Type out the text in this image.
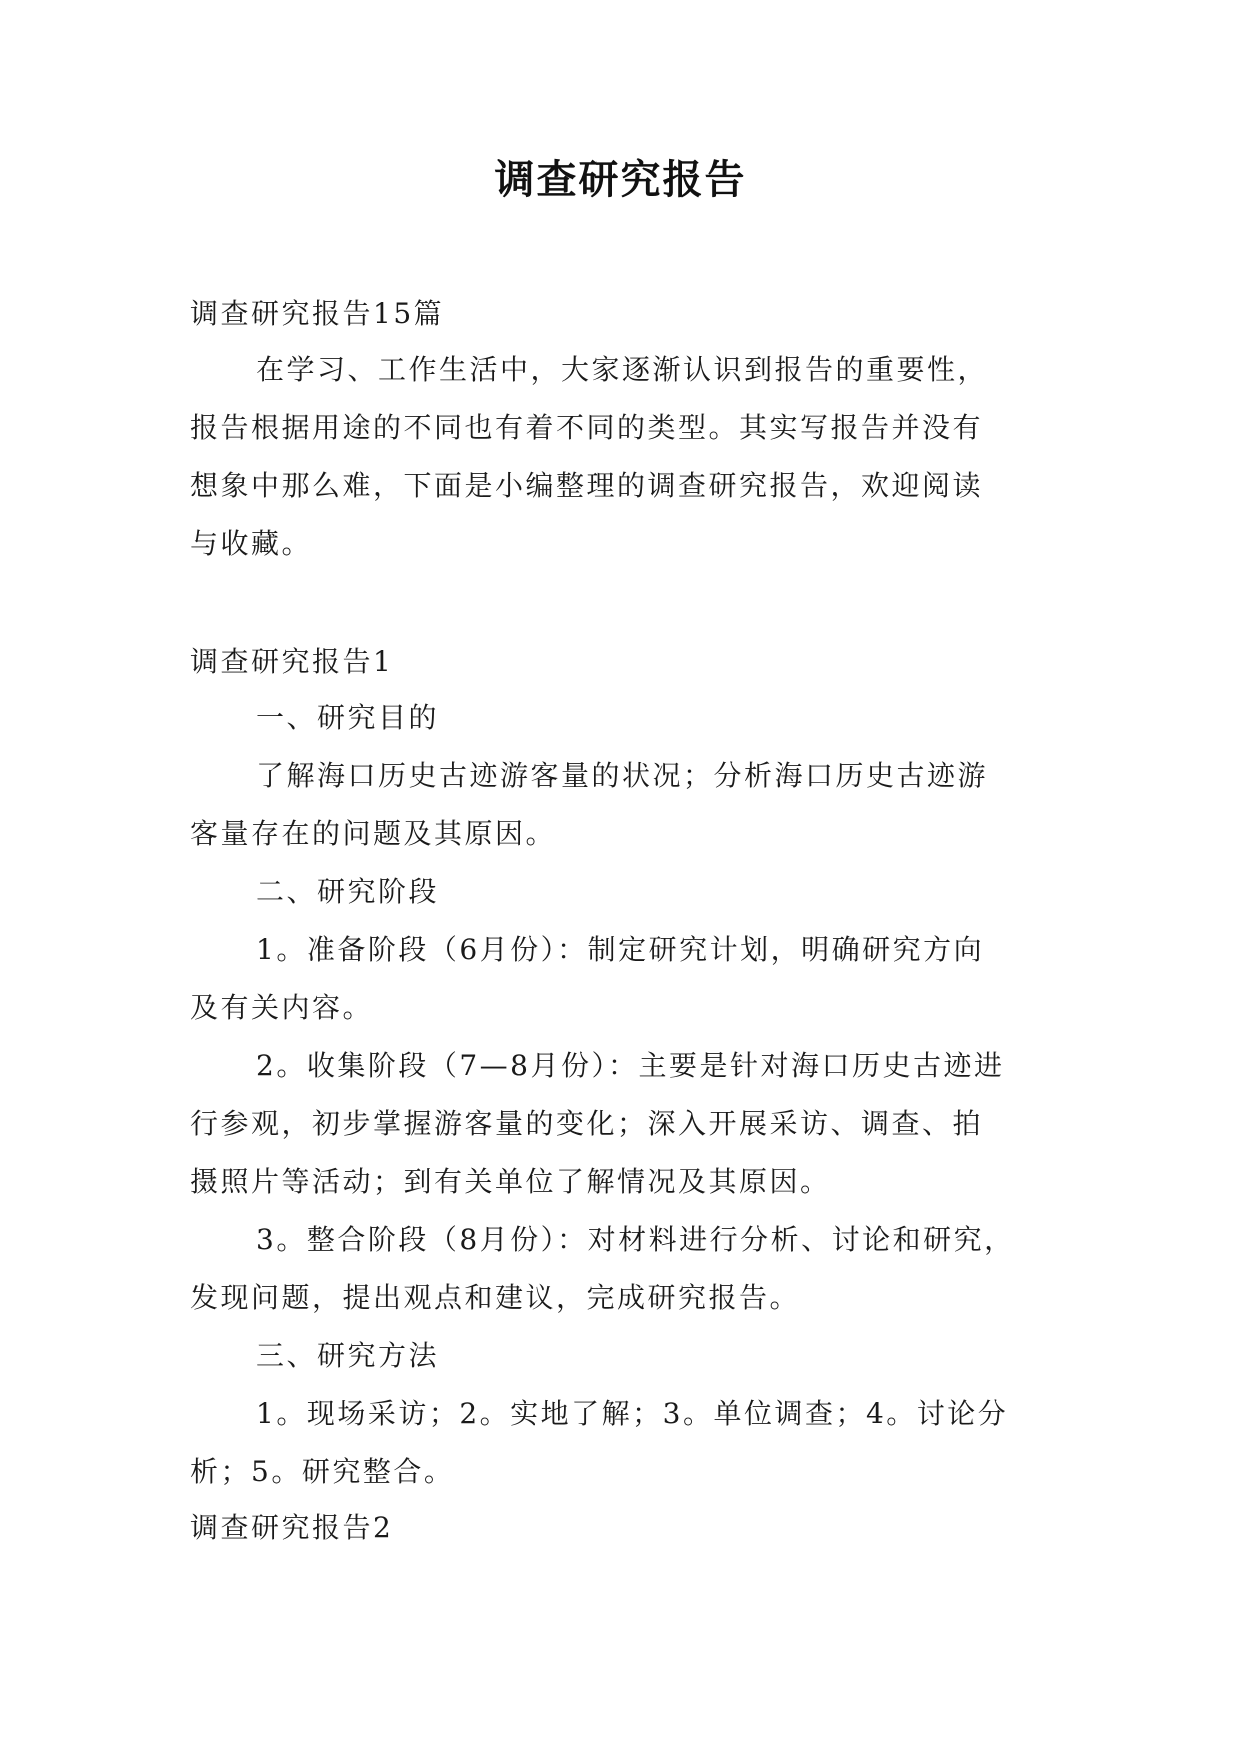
调查研究报告
调查研究报告15篇
在学习、工作生活中，大家逐渐认识到报告的重要性，
报告根据用途的不同也有着不同的类型。其实写报告并没有
想象中那么难，下面是小编整理的调查研究报告，欢迎阅读
与收藏。
调查研究报告1
一、研究目的
了解海口历史古迹游客量的状况；分析海口历史古迹游
客量存在的问题及其原因。
二、研究阶段
1。准备阶段（6月份）：制定研究计划，明确研究方向
及有关内容。
2。收集阶段（7—8月份）：主要是针对海口历史古迹进
行参观，初步掌握游客量的变化；深入开展采访、调查、拍
摄照片等活动；到有关单位了解情况及其原因。
3。整合阶段（8月份）：对材料进行分析、讨论和研究，
发现问题，提出观点和建议，完成研究报告。
三、研究方法
1。现场采访；2。实地了解；3。单位调查；4。讨论分
析；5。研究整合。
调查研究报告2
